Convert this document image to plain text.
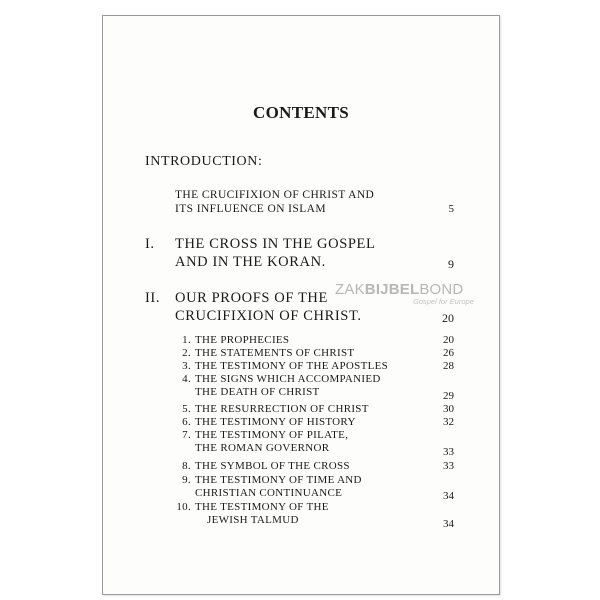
CONTENTS
INTRODUCTION:
THE CRUCIFIXION OF CHRIST AND
ITS INFLUENCE ON ISLAM	5
I. THE CROSS IN THE GOSPEL
AND IN THE KORAN.	9
II. OUR PROOFS OF THE
CRUCIFIXION OF CHRIST.	20
1. THE PROPHECIES	20
2. THE STATEMENTS OF CHRIST	26
3. THE TESTIMONY OF THE APOSTLES	28
4. THE SIGNS WHICH ACCOMPANIED
THE DEATH OF CHRIST	29
5. THE RESURRECTION OF CHRIST	30
6. THE TESTIMONY OF HISTORY	32
7. THE TESTIMONY OF PILATE,
THE ROMAN GOVERNOR	33
8. THE SYMBOL OF THE CROSS	33
9. THE TESTIMONY OF TIME AND
CHRISTIAN CONTINUANCE	34
10. THE TESTIMONY OF THE
JEWISH TALMUD	34
ZAKBIJBELBOND
Gospel for Europe
